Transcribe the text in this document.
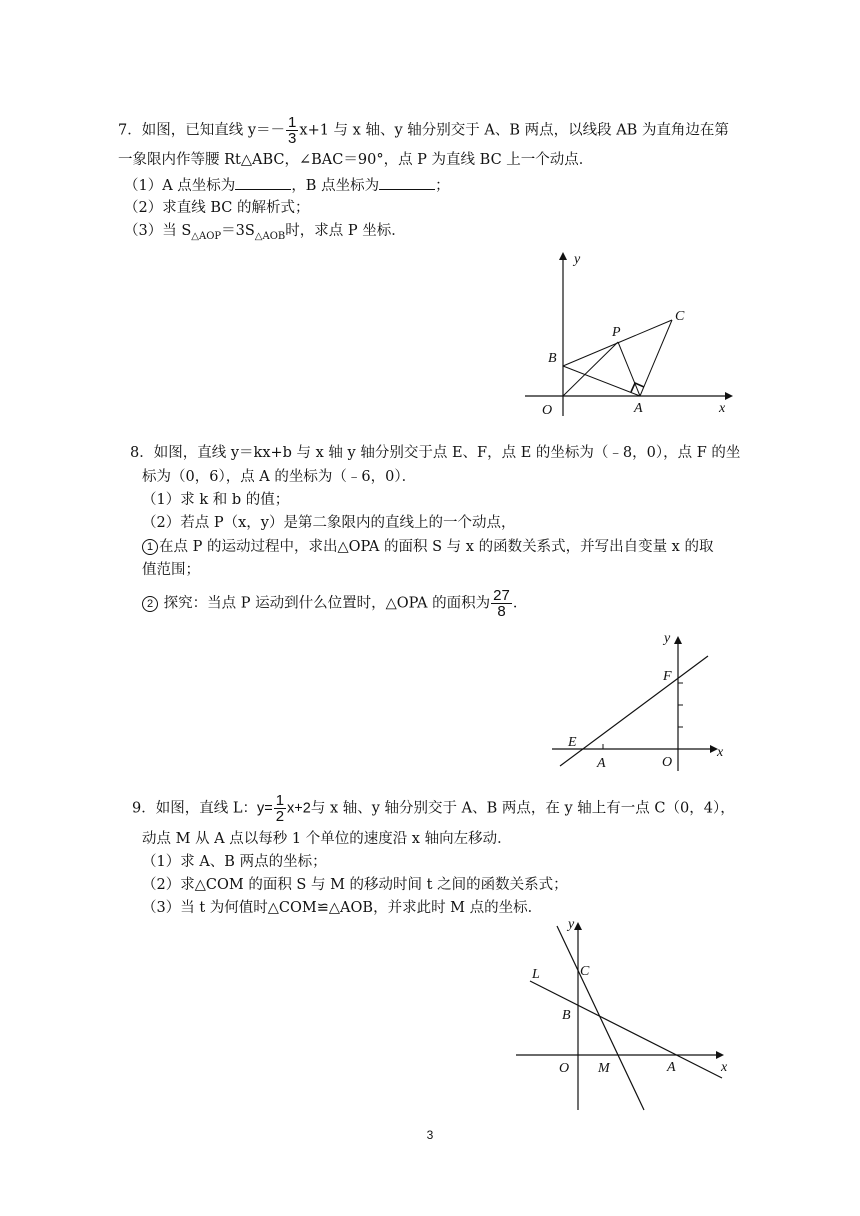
7．如图，已知直线 $y=- \frac{1}{3} x+1$ 与 x 轴、y 轴分别交于 A、B 两点，以线段 AB 为直角边在第
一象限内作等腰 Rt△ABC，∠BAC＝90°，点 P 为直线 BC 上一个动点．
（1）A 点坐标为	，B 点坐标为	；
（2）求直线 BC 的解析式；
（3）当 $S_{\triangle AOP}=3S_{\triangle AOB}$时，求点 P 坐标．
y
x
O	A
B
C
P
8．如图，直线 y＝kx+b 与 x 轴 y 轴分别交于点 E、F，点 E 的坐标为（﹣8，0），点 F 的坐
标为（0，6），点 A 的坐标为（﹣6，0）．
（1）求 k 和 b 的值；
（2）若点 P（x，y）是第二象限内的直线上的一个动点，
1 在点 P 的运动过程中，求出△OPA 的面积 S 与 x 的函数关系式，并写出自变量 x 的取
值范围；
2 探究：当点 P 运动到什么位置时，△OPA 的面积为 $\frac{27}{8}$ ．
y
x
O
E
F
A
9．如图，直线 L：$y= \frac{1}{2} x+2$与 x 轴、y 轴分别交于 A、B 两点，在 y 轴上有一点 C（0，4），
动点 M 从 A 点以每秒 1 个单位的速度沿 x 轴向左移动．
（1）求 A、B 两点的坐标；
（2）求△COM 的面积 S 与 M 的移动时间 t 之间的函数关系式；
（3）当 t 为何值时△COM≌△AOB，并求此时 M 点的坐标．
y
x
O
L	C
B
M	A
3
